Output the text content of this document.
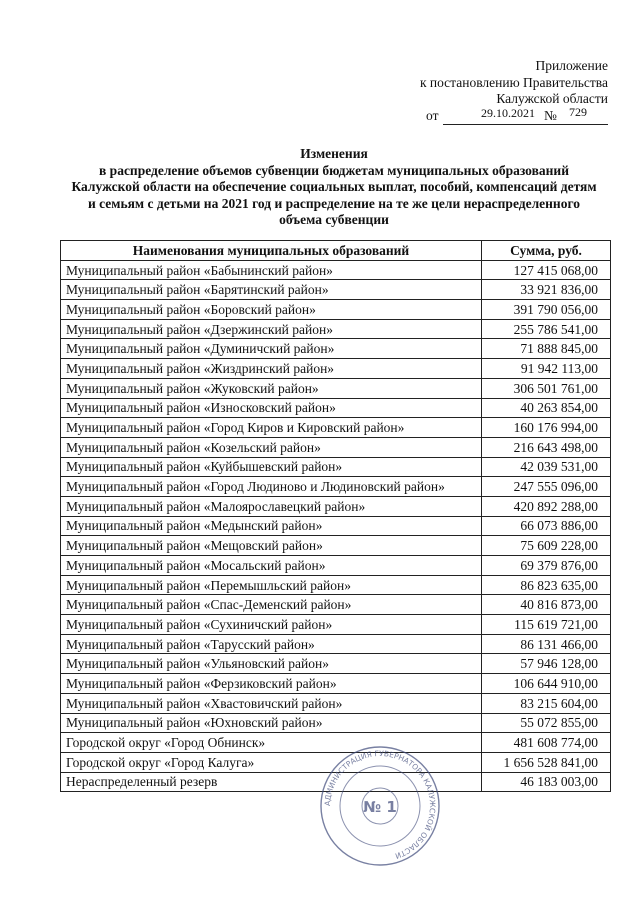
Приложение
к постановлению Правительства
Калужской области
от	29.10.2021 № 729
Изменения
в распределение объемов субвенции бюджетам муниципальных образований
Калужской области на обеспечение социальных выплат, пособий, компенсаций детям
и семьям с детьми на 2021 год и распределение на те же цели нераспределенного
объема субвенции
Наименования муниципальных образований	Сумма, руб.
Муниципальный район «Бабынинский район»	127 415 068,00
Муниципальный район «Барятинский район»	33 921 836,00
Муниципальный район «Боровский район»	391 790 056,00
Муниципальный район «Дзержинский район»	255 786 541,00
Муниципальный район «Думиничский район»	71 888 845,00
Муниципальный район «Жиздринский район»	91 942 113,00
Муниципальный район «Жуковский район»	306 501 761,00
Муниципальный район «Износковский район»	40 263 854,00
Муниципальный район «Город Киров и Кировский район»	160 176 994,00
Муниципальный район «Козельский район»	216 643 498,00
Муниципальный район «Куйбышевский район»	42 039 531,00
Муниципальный район «Город Людиново и Людиновский район»	247 555 096,00
Муниципальный район «Малоярославецкий район»	420 892 288,00
Муниципальный район «Медынский район»	66 073 886,00
Муниципальный район «Мещовский район»	75 609 228,00
Муниципальный район «Мосальский район»	69 379 876,00
Муниципальный район «Перемышльский район»	86 823 635,00
Муниципальный район «Спас-Деменский район»	40 816 873,00
Муниципальный район «Сухиничский район»	115 619 721,00
Муниципальный район «Тарусский район»	86 131 466,00
Муниципальный район «Ульяновский район»	57 946 128,00
Муниципальный район «Ферзиковский район»	106 644 910,00
Муниципальный район «Хвастовичский район»	83 215 604,00
Муниципальный район «Юхновский район»	55 072 855,00
Городской округ «Город Обнинск»	481 608 774,00
Городской округ «Город Калуга»	1 656 528 841,00
Нераспределенный резерв	46 183 003,00
АДМИНИСТРАЦИЯ ГУБЕРНАТОРА КАЛУЖСКОЙ ОБЛАСТИ
№ 1
